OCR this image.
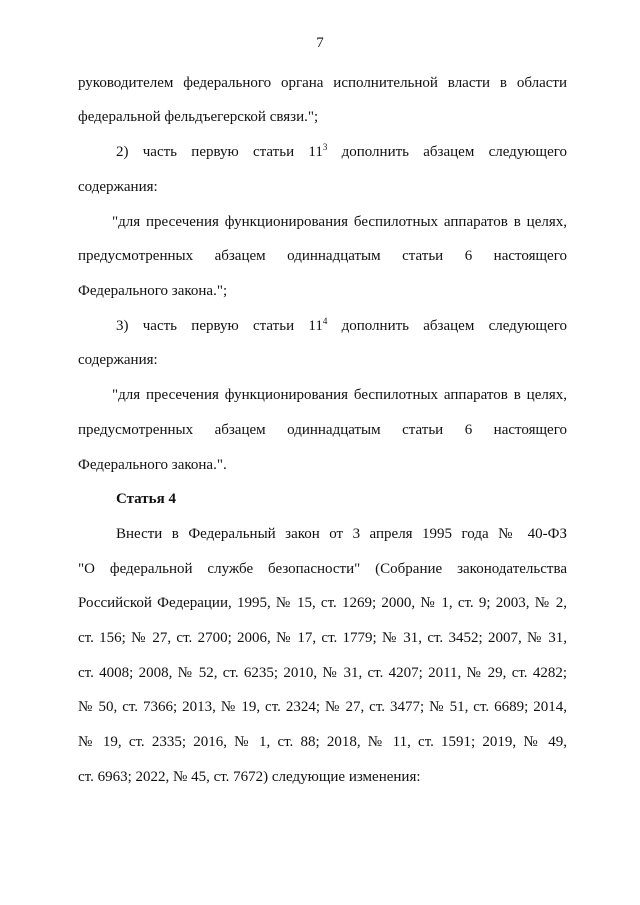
7
руководителем федерального органа исполнительной власти в области
федеральной фельдъегерской связи.";
2) часть первую статьи $11^3$ дополнить абзацем следующего
содержания:
"для пресечения функционирования беспилотных аппаратов в целях,
предусмотренных абзацем одиннадцатым статьи 6 настоящего
Федерального закона.";
3) часть первую статьи $11^4$ дополнить абзацем следующего
содержания:
"для пресечения функционирования беспилотных аппаратов в целях,
предусмотренных абзацем одиннадцатым статьи 6 настоящего
Федерального закона.".
Статья 4
Внести в Федеральный закон от 3 апреля 1995 года № 40-ФЗ
"О федеральной службе безопасности" (Собрание законодательства
Российской Федерации, 1995, № 15, ст. 1269; 2000, № 1, ст. 9; 2003, № 2,
ст. 156; № 27, ст. 2700; 2006, № 17, ст. 1779; № 31, ст. 3452; 2007, № 31,
ст. 4008; 2008, № 52, ст. 6235; 2010, № 31, ст. 4207; 2011, № 29, ст. 4282;
№ 50, ст. 7366; 2013, № 19, ст. 2324; № 27, ст. 3477; № 51, ст. 6689; 2014,
№ 19, ст. 2335; 2016, № 1, ст. 88; 2018, № 11, ст. 1591; 2019, № 49,
ст. 6963; 2022, № 45, ст. 7672) следующие изменения:
